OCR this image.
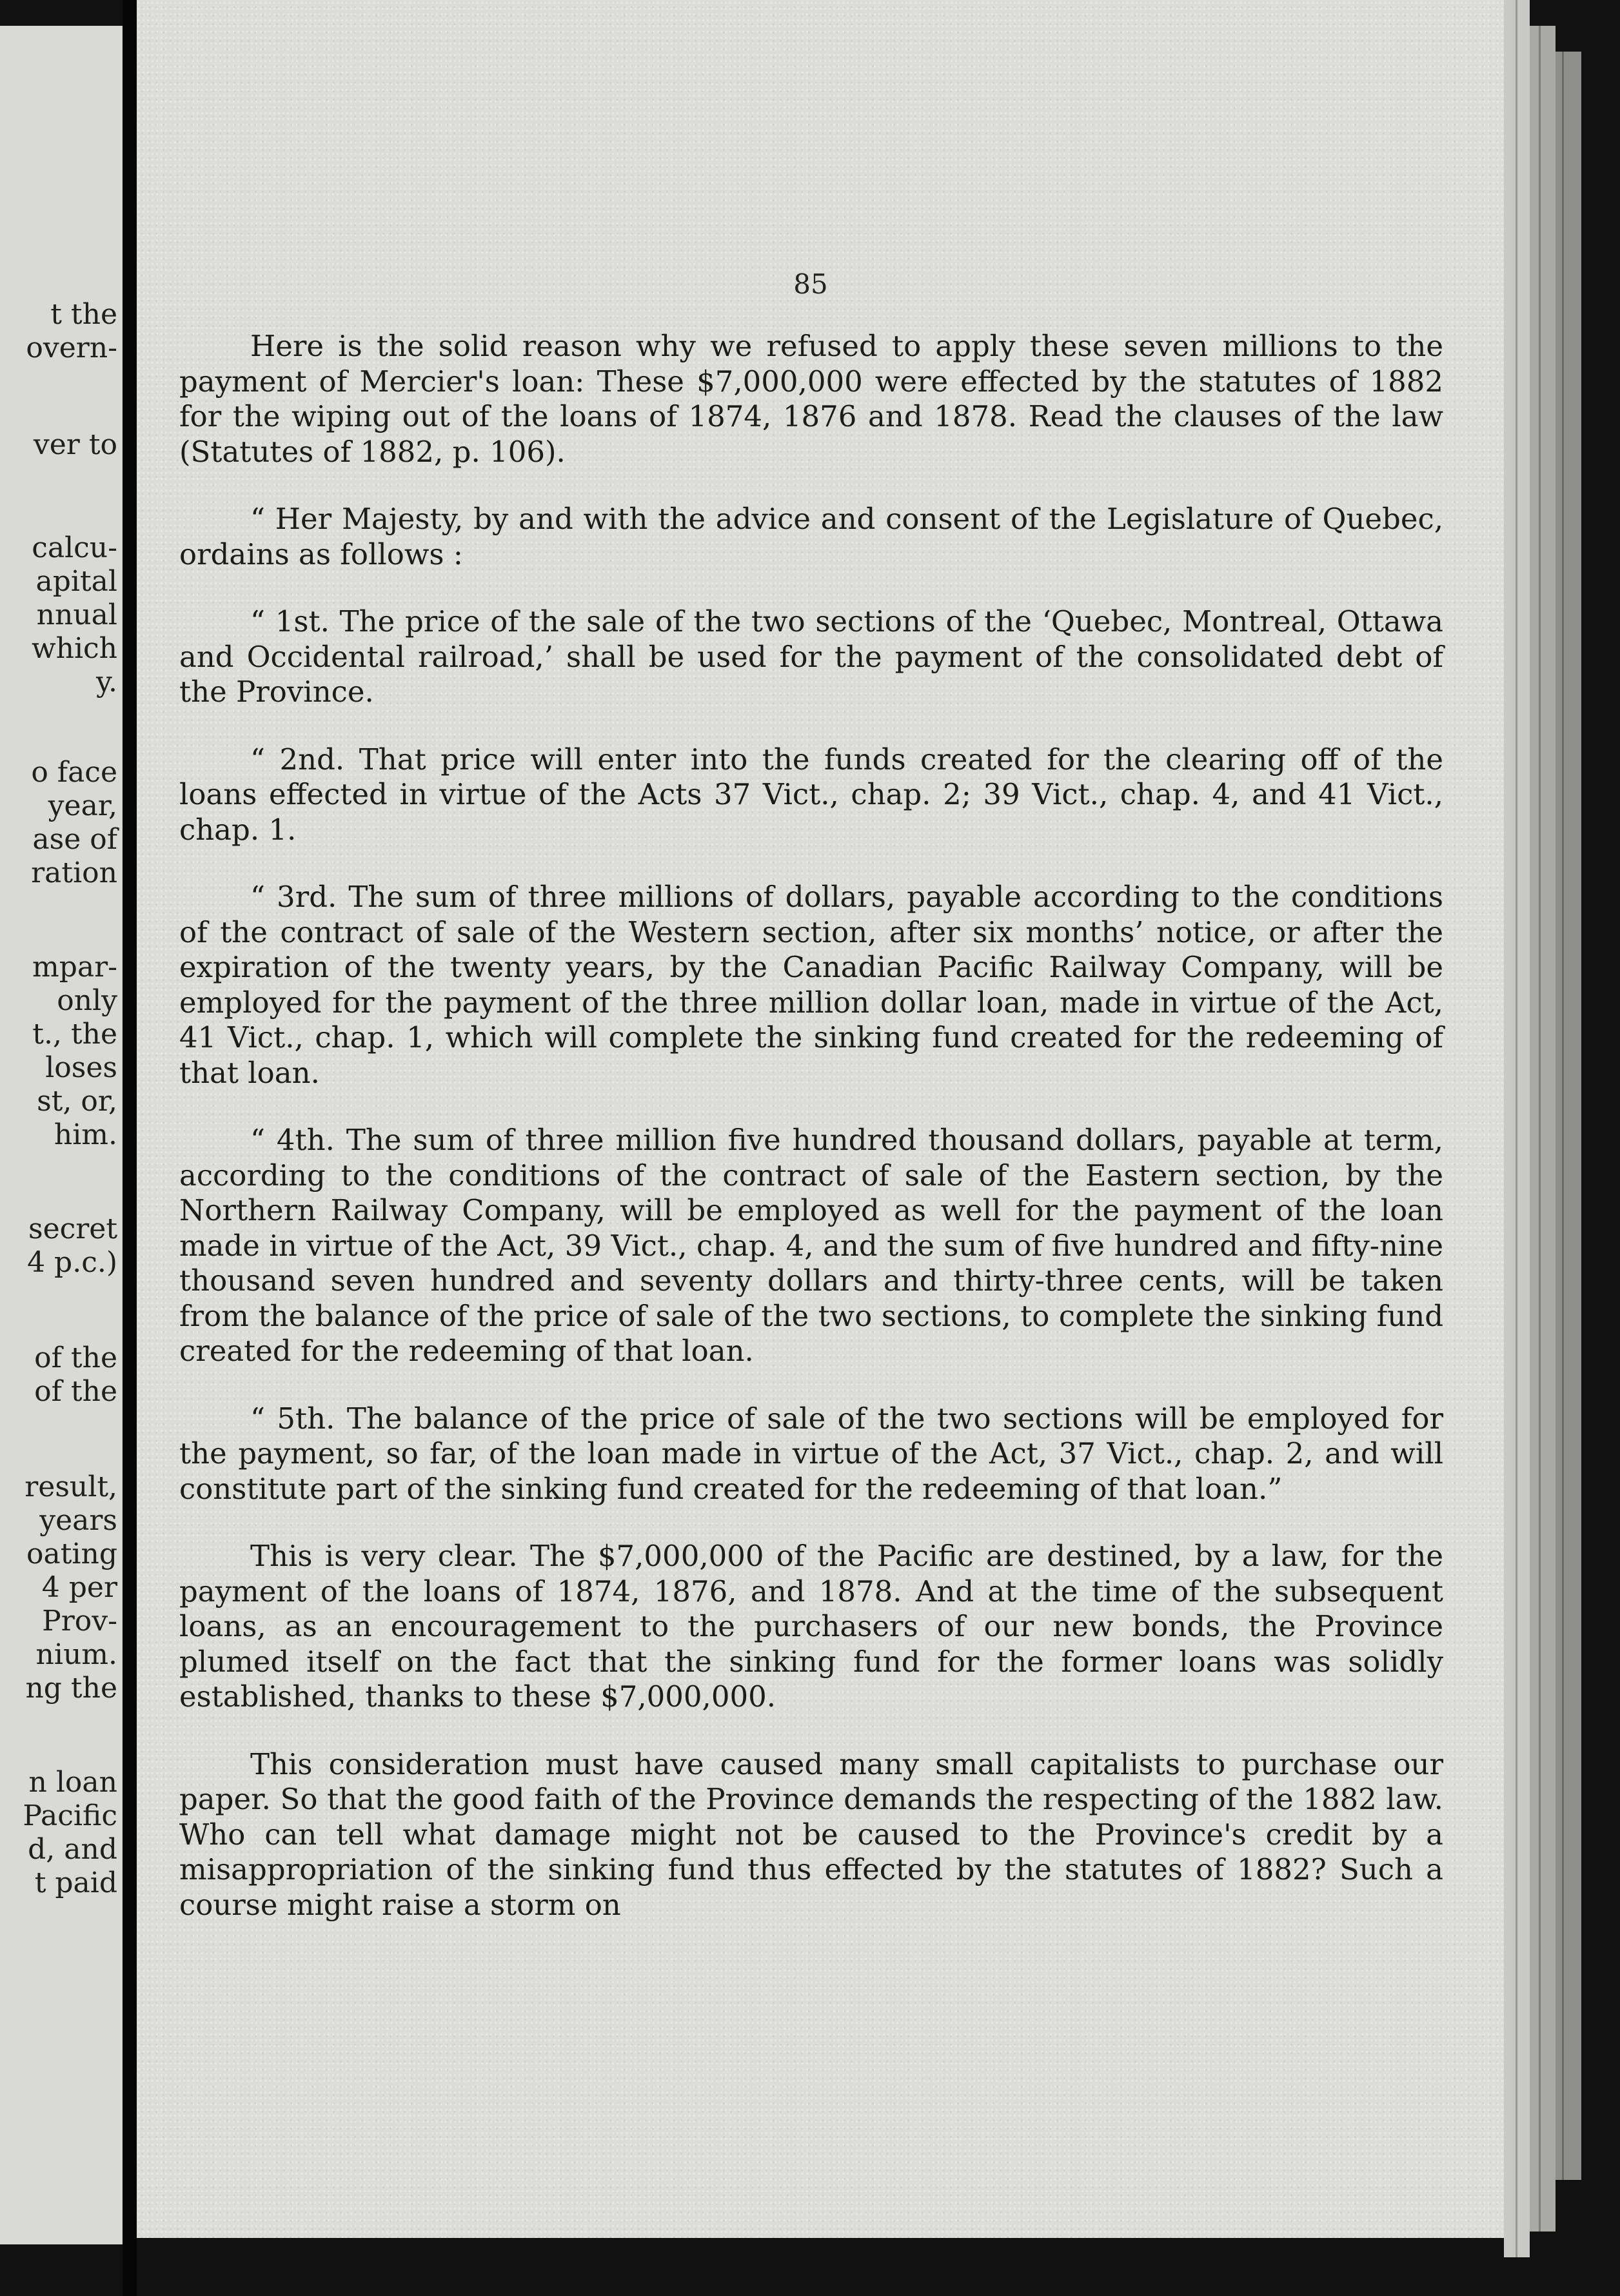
t the
overn-
ver to
calcu-
apital
nnual
which
y.
o face
year,
ase of
ration
mpar-
only
t., the
loses
st, or,
him.
secret
4 p.c.)
of the
of the
result,
years
oating
4 per
Prov-
nium.
ng the
n loan
Pacific
d, and
t paid
85

Here is the solid reason why we refused to apply these seven millions to the payment of Mercier's loan: These $7,000,000 were effected by the statutes of 1882 for the wiping out of the loans of 1874, 1876 and 1878. Read the clauses of the law (Statutes of 1882, p. 106).

“ Her Majesty, by and with the advice and consent of the Legislature of Quebec, ordains as follows :

“ 1st. The price of the sale of the two sections of the ‘Quebec, Montreal, Ottawa and Occidental railroad,’ shall be used for the payment of the consolidated debt of the Province.

“ 2nd. That price will enter into the funds created for the clearing off of the loans effected in virtue of the Acts 37 Vict., chap. 2; 39 Vict., chap. 4, and 41 Vict., chap. 1.

“ 3rd. The sum of three millions of dollars, payable according to the conditions of the contract of sale of the Western section, after six months’ notice, or after the expiration of the twenty years, by the Canadian Pacific Railway Company, will be employed for the payment of the three million dollar loan, made in virtue of the Act, 41 Vict., chap. 1, which will complete the sinking fund created for the redeeming of that loan.

“ 4th. The sum of three million five hundred thousand dollars, payable at term, according to the conditions of the contract of sale of the Eastern section, by the Northern Railway Company, will be employed as well for the payment of the loan made in virtue of the Act, 39 Vict., chap. 4, and the sum of five hundred and fifty-nine thousand seven hundred and seventy dollars and thirty-three cents, will be taken from the balance of the price of sale of the two sections, to complete the sinking fund created for the redeeming of that loan.

“ 5th. The balance of the price of sale of the two sections will be employed for the payment, so far, of the loan made in virtue of the Act, 37 Vict., chap. 2, and will constitute part of the sinking fund created for the redeeming of that loan.”

This is very clear. The $7,000,000 of the Pacific are destined, by a law, for the payment of the loans of 1874, 1876, and 1878. And at the time of the subsequent loans, as an encouragement to the purchasers of our new bonds, the Province plumed itself on the fact that the sinking fund for the former loans was solidly established, thanks to these $7,000,000.

This consideration must have caused many small capitalists to purchase our paper. So that the good faith of the Province demands the respecting of the 1882 law. Who can tell what damage might not be caused to the Province's credit by a misappropriation of the sinking fund thus effected by the statutes of 1882? Such a course might raise a storm on
